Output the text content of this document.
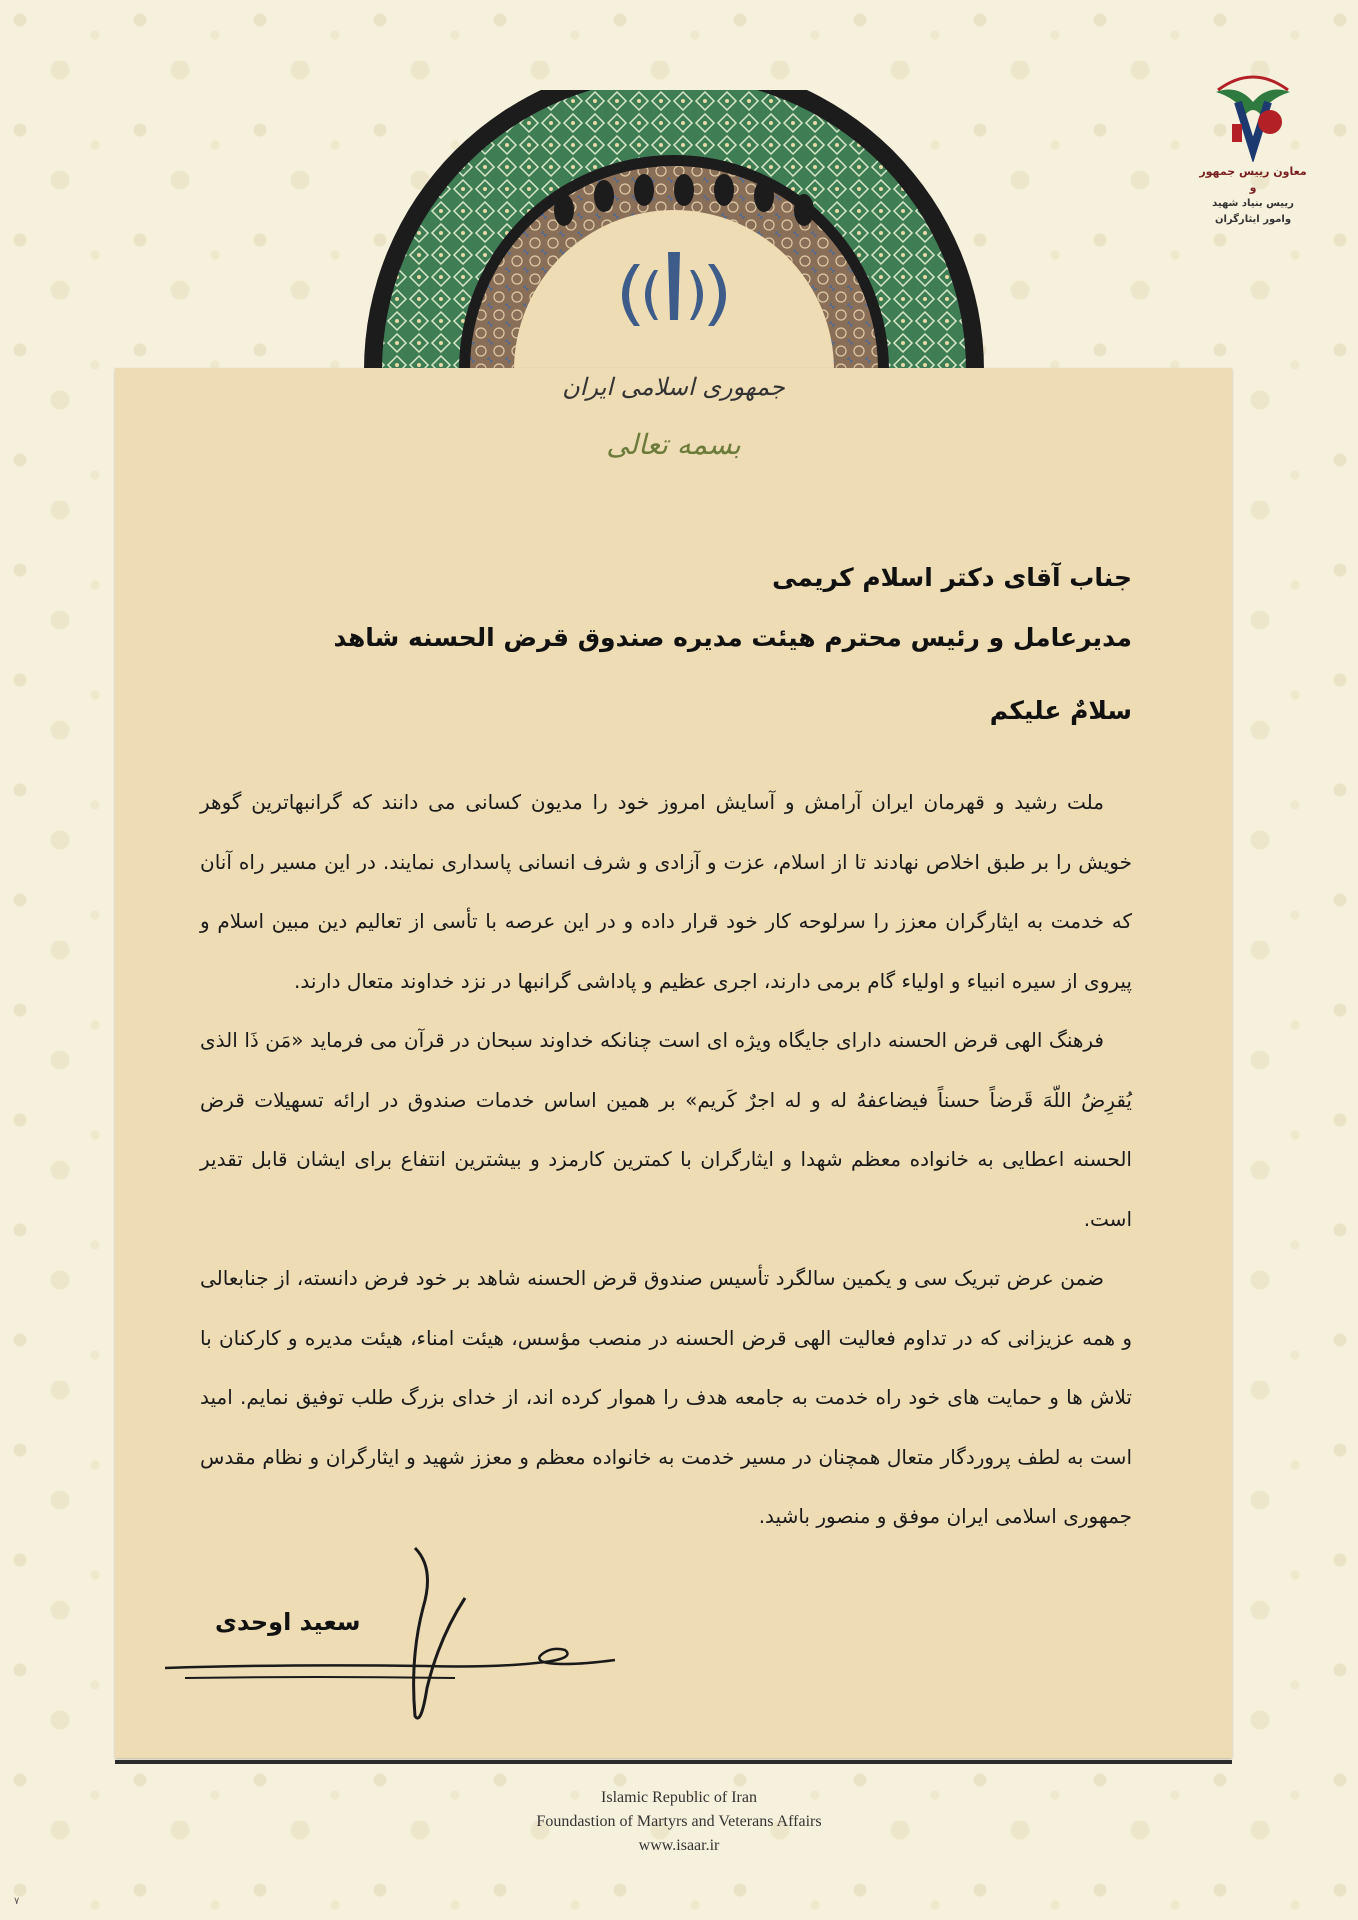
معاون رییس جمهور و
رییس بنیاد شهید وامور ایثارگران
جمهوری اسلامی ایران
بسمه تعالی
جناب آقای دکتر اسلام کریمی
مدیرعامل و رئیس محترم هیئت مدیره صندوق قرض الحسنه شاهد
سلامٌ علیکم

ملت رشید و قهرمان ایران آرامش و آسایش امروز خود را مدیون کسانی می دانند که گرانبهاترین گوهر خویش را بر طبق اخلاص نهادند تا از اسلام، عزت و آزادی و شرف انسانی پاسداری نمایند. در این مسیر راه آنان که خدمت به ایثارگران معزز را سرلوحه کار خود قرار داده و در این عرصه با تأسی از تعالیم دین مبین اسلام و پیروی از سیره انبیاء و اولیاء گام برمی دارند، اجری عظیم و پاداشی گرانبها در نزد خداوند متعال دارند.

فرهنگ الهی قرض الحسنه دارای جایگاه ویژه ای است چنانکه خداوند سبحان در قرآن می فرماید «مَن ذَا الذی یُقرِضُ اللّهَ قَرضاً حسناً فیضاعفهُ له و له اجرٌ کَریم» بر همین اساس خدمات صندوق در ارائه تسهیلات قرض الحسنه اعطایی به خانواده معظم شهدا و ایثارگران با کمترین کارمزد و بیشترین انتفاع برای ایشان قابل تقدیر است.

ضمن عرض تبریک سی و یکمین سالگرد تأسیس صندوق قرض الحسنه شاهد بر خود فرض دانسته، از جنابعالی و همه عزیزانی که در تداوم فعالیت الهی قرض الحسنه در منصب مؤسس، هیئت امناء، هیئت مدیره و کارکنان با تلاش ها و حمایت های خود راه خدمت به جامعه هدف را هموار کرده اند، از خدای بزرگ طلب توفیق نمایم. امید است به لطف پروردگار متعال همچنان در مسیر خدمت به خانواده معظم و معزز شهید و ایثارگران و نظام مقدس جمهوری اسلامی ایران موفق و منصور باشید.

سعید اوحدی
Islamic Republic of Iran
Foundastion of Martyrs and Veterans Affairs
www.isaar.ir
۷
